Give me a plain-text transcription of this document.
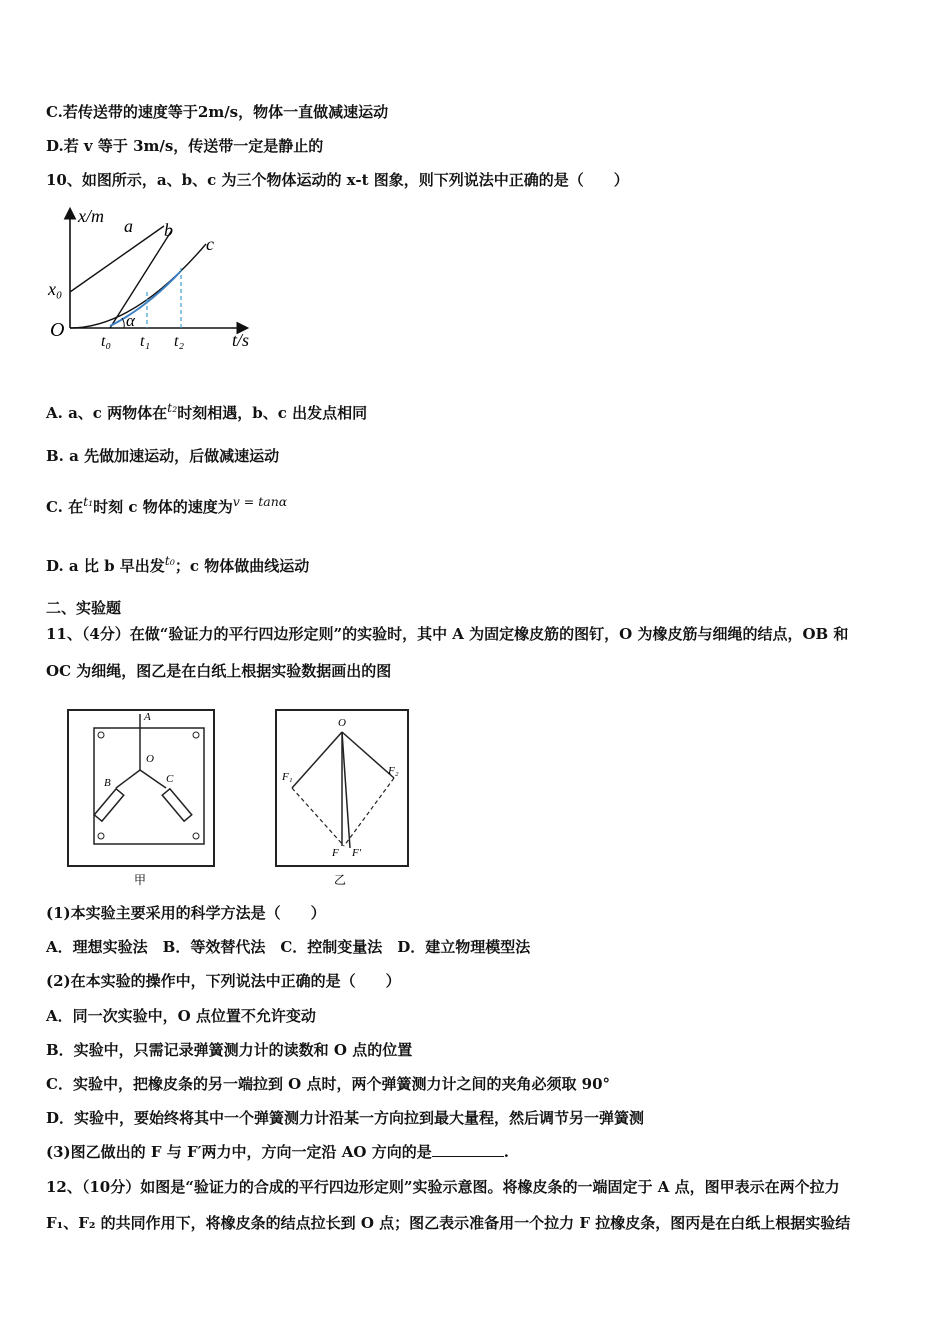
C.若传送带的速度等于2m/s，物体一直做减速运动
D.若 v 等于 3m/s，传送带一定是静止的
10、如图所示，a、b、c 为三个物体运动的 x-t 图象，则下列说法中正确的是（　　）
x/m
x₀
O	α
t₀ t₁ t₂	t/s
a b
c
A. a、c 两物体在$^{t_2}$时刻相遇，b、c 出发点相同
B. a 先做加速运动，后做减速运动
C. 在$^{t_1}$时刻 c 物体的速度为$^{v = tan\alpha}$
D. a 比 b 早出发$^{t_0}$；c 物体做曲线运动
二、实验题
11、（4分）在做“验证力的平行四边形定则”的实验时，其中 A 为固定橡皮筋的图钉，O 为橡皮筋与细绳的结点，OB 和
OC 为细绳，图乙是在白纸上根据实验数据画出的图
A
O
B	C
甲
O
F₁	F₂
F F′
乙
(1)本实验主要采用的科学方法是（　　）
A．理想实验法　B．等效替代法　C．控制变量法　D．建立物理模型法
(2)在本实验的操作中，下列说法中正确的是（　　）
A．同一次实验中，O 点位置不允许变动
B．实验中，只需记录弹簧测力计的读数和 O 点的位置
C．实验中，把橡皮条的另一端拉到 O 点时，两个弹簧测力计之间的夹角必须取 90°
D．实验中，要始终将其中一个弹簧测力计沿某一方向拉到最大量程，然后调节另一弹簧测
(3)图乙做出的 F 与 F′两力中，方向一定沿 AO 方向的是	.
12、（10分）如图是“验证力的合成的平行四边形定则”实验示意图。将橡皮条的一端固定于 A 点，图甲表示在两个拉力
F₁、F₂ 的共同作用下，将橡皮条的结点拉长到 O 点；图乙表示准备用一个拉力 F 拉橡皮条，图丙是在白纸上根据实验结
